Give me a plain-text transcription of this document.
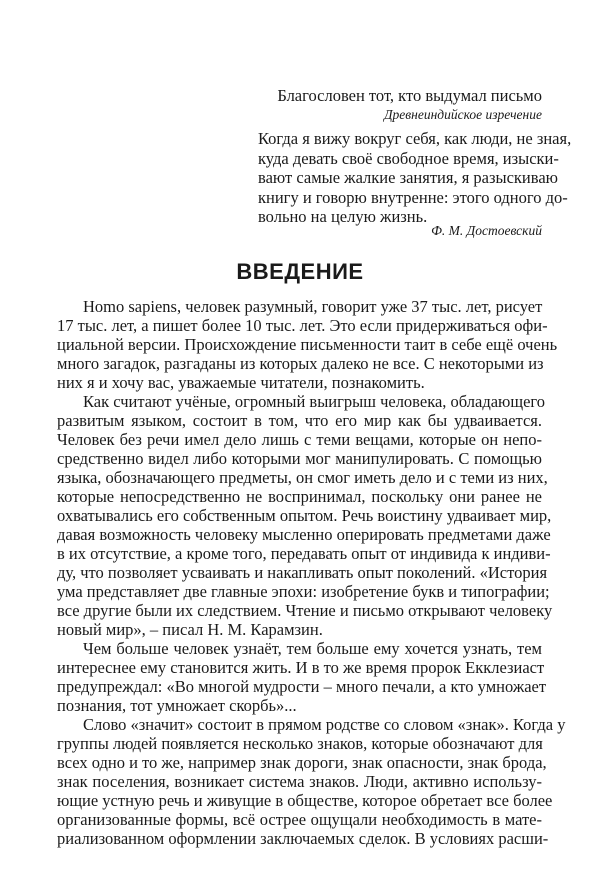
Благословен тот, кто выдумал письмо
Древнеиндийское изречение
Когда я вижу вокруг себя, как люди, не зная,
куда девать своё свободное время, изыски-
вают самые жалкие занятия, я разыскиваю
книгу и говорю внутренне: этого одного до-
вольно на целую жизнь.
Ф. М. Достоевский
ВВЕДЕНИЕ
Homo sapiens, человек разумный, говорит уже 37 тыс. лет, рисует
17 тыс. лет, а пишет более 10 тыс. лет. Это если придерживаться офи-
циальной версии. Происхождение письменности таит в себе ещё очень
много загадок, разгаданы из которых далеко не все. С некоторыми из
них я и хочу вас, уважаемые читатели, познакомить.
Как считают учёные, огромный выигрыш человека, обладающего
развитым языком, состоит в том, что его мир как бы удваивается.
Человек без речи имел дело лишь с теми вещами, которые он непо-
средственно видел либо которыми мог манипулировать. С помощью
языка, обозначающего предметы, он смог иметь дело и с теми из них,
которые непосредственно не воспринимал, поскольку они ранее не
охватывались его собственным опытом. Речь воистину удваивает мир,
давая возможность человеку мысленно оперировать предметами даже
в их отсутствие, а кроме того, передавать опыт от индивида к индиви-
ду, что позволяет усваивать и накапливать опыт поколений. «История
ума представляет две главные эпохи: изобретение букв и типографии;
все другие были их следствием. Чтение и письмо открывают человеку
новый мир», – писал Н. М. Карамзин.
Чем больше человек узнаёт, тем больше ему хочется узнать, тем
интереснее ему становится жить. И в то же время пророк Екклезиаст
предупреждал: «Во многой мудрости – много печали, а кто умножает
познания, тот умножает скорбь»...
Слово «значит» состоит в прямом родстве со словом «знак». Когда у
группы людей появляется несколько знаков, которые обозначают для
всех одно и то же, например знак дороги, знак опасности, знак брода,
знак поселения, возникает система знаков. Люди, активно использу-
ющие устную речь и живущие в обществе, которое обретает все более
организованные формы, всё острее ощущали необходимость в мате-
риализованном оформлении заключаемых сделок. В условиях расши-
